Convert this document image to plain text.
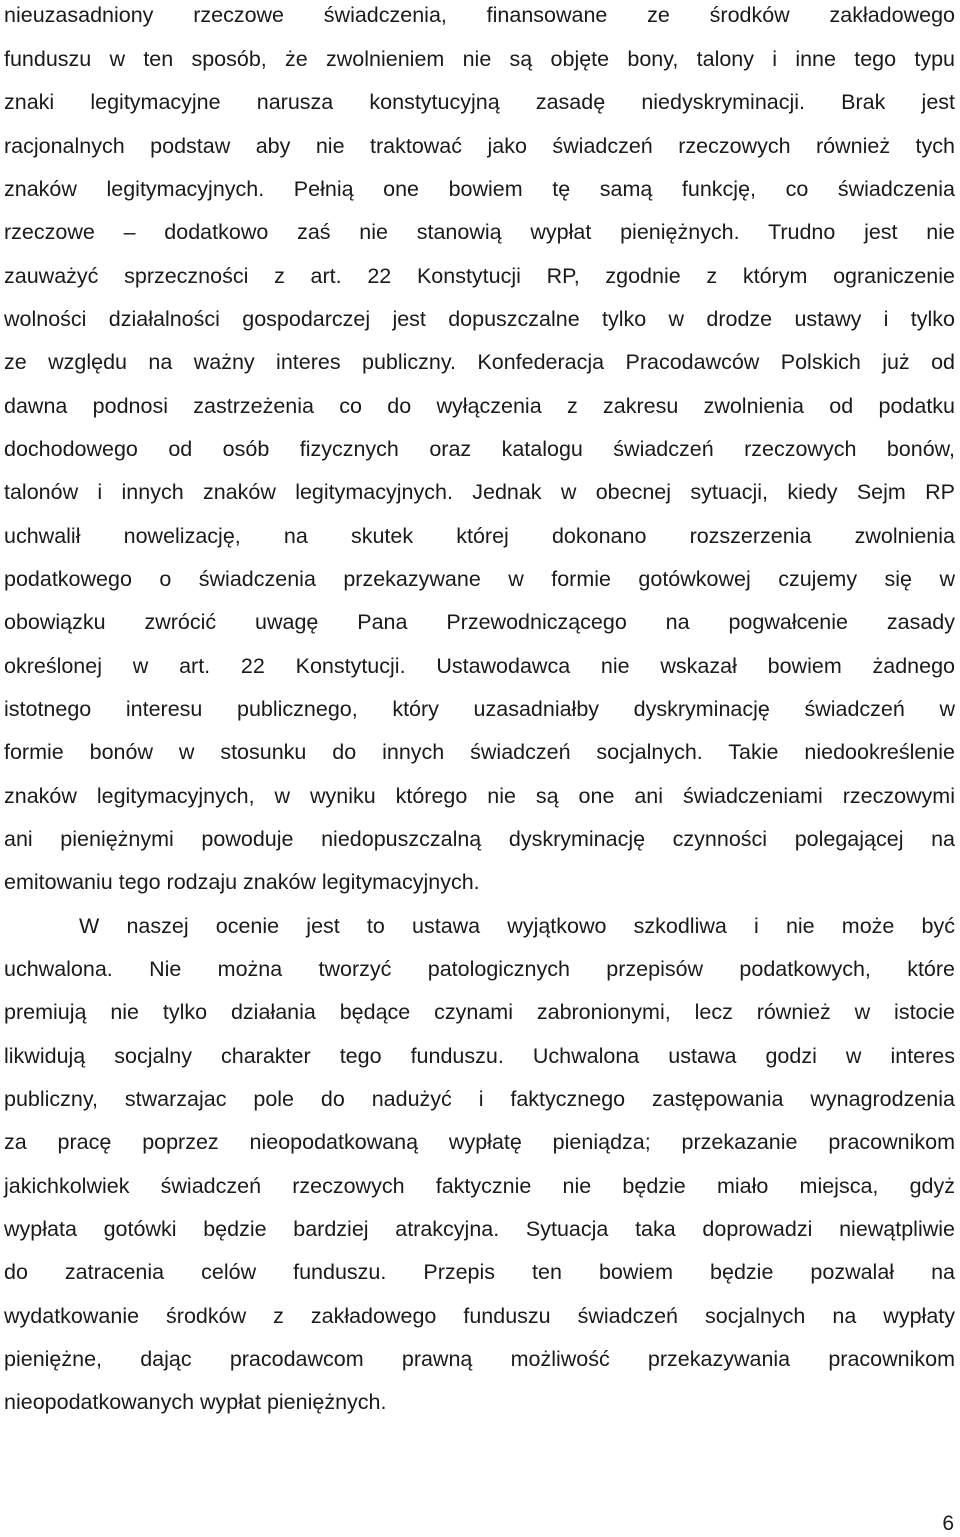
nieuzasadniony rzeczowe świadczenia, finansowane ze środków zakładowego
funduszu w ten sposób, że zwolnieniem nie są objęte bony, talony i inne tego typu
znaki legitymacyjne narusza konstytucyjną zasadę niedyskryminacji. Brak jest
racjonalnych podstaw aby nie traktować jako świadczeń rzeczowych również tych
znaków legitymacyjnych. Pełnią one bowiem tę samą funkcję, co świadczenia
rzeczowe – dodatkowo zaś nie stanowią wypłat pieniężnych. Trudno jest nie
zauważyć sprzeczności z art. 22 Konstytucji RP, zgodnie z którym ograniczenie
wolności działalności gospodarczej jest dopuszczalne tylko w drodze ustawy i tylko
ze względu na ważny interes publiczny. Konfederacja Pracodawców Polskich już od
dawna podnosi zastrzeżenia co do wyłączenia z zakresu zwolnienia od podatku
dochodowego od osób fizycznych oraz katalogu świadczeń rzeczowych bonów,
talonów i innych znaków legitymacyjnych. Jednak w obecnej sytuacji, kiedy Sejm RP
uchwalił nowelizację, na skutek której dokonano rozszerzenia zwolnienia
podatkowego o świadczenia przekazywane w formie gotówkowej czujemy się w
obowiązku zwrócić uwagę Pana Przewodniczącego na pogwałcenie zasady
określonej w art. 22 Konstytucji. Ustawodawca nie wskazał bowiem żadnego
istotnego interesu publicznego, który uzasadniałby dyskryminację świadczeń w
formie bonów w stosunku do innych świadczeń socjalnych. Takie niedookreślenie
znaków legitymacyjnych, w wyniku którego nie są one ani świadczeniami rzeczowymi
ani pieniężnymi powoduje niedopuszczalną dyskryminację czynności polegającej na
emitowaniu tego rodzaju znaków legitymacyjnych.
W naszej ocenie jest to ustawa wyjątkowo szkodliwa i nie może być
uchwalona. Nie można tworzyć patologicznych przepisów podatkowych, które
premiują nie tylko działania będące czynami zabronionymi, lecz również w istocie
likwidują socjalny charakter tego funduszu. Uchwalona ustawa godzi w interes
publiczny, stwarzajac pole do nadużyć i faktycznego zastępowania wynagrodzenia
za pracę poprzez nieopodatkowaną wypłatę pieniądza; przekazanie pracownikom
jakichkolwiek świadczeń rzeczowych faktycznie nie będzie miało miejsca, gdyż
wypłata gotówki będzie bardziej atrakcyjna. Sytuacja taka doprowadzi niewątpliwie
do zatracenia celów funduszu. Przepis ten bowiem będzie pozwalał na
wydatkowanie środków z zakładowego funduszu świadczeń socjalnych na wypłaty
pieniężne, dając pracodawcom prawną możliwość przekazywania pracownikom
nieopodatkowanych wypłat pieniężnych.
6
